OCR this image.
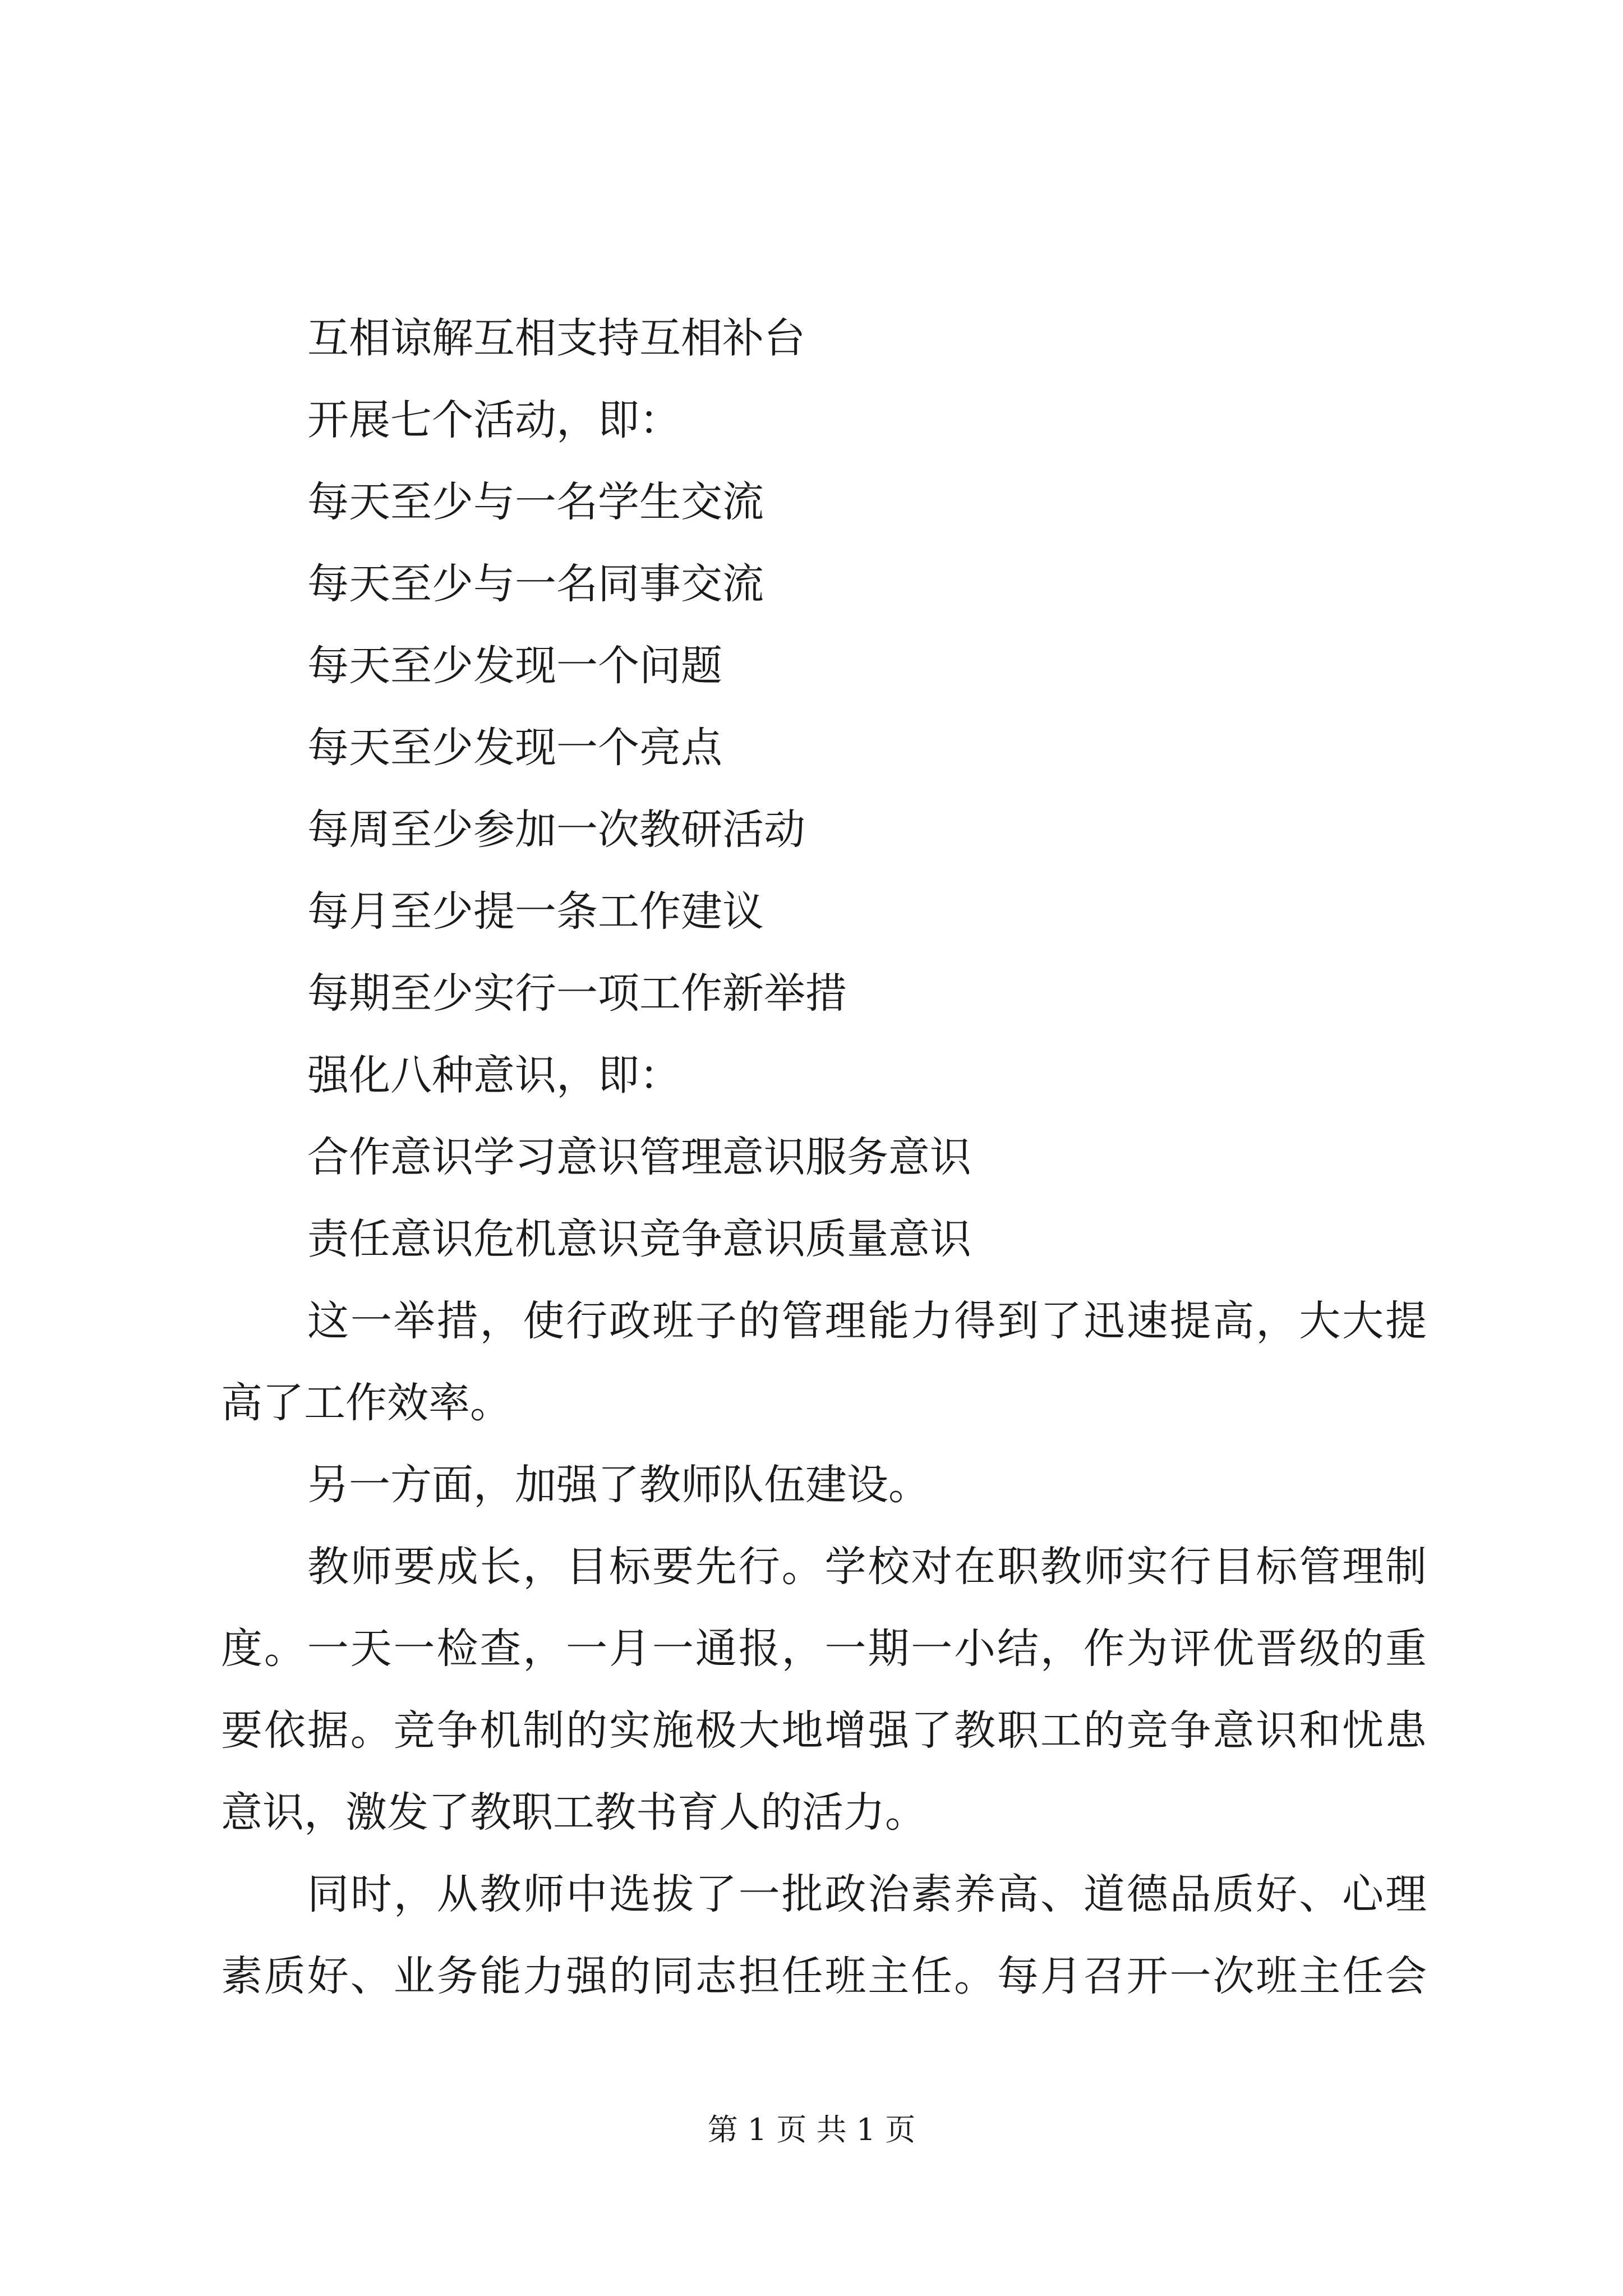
互相谅解互相支持互相补台

开展七个活动，即：

每天至少与一名学生交流

每天至少与一名同事交流

每天至少发现一个问题

每天至少发现一个亮点

每周至少参加一次教研活动

每月至少提一条工作建议

每期至少实行一项工作新举措

强化八种意识，即：

合作意识学习意识管理意识服务意识

责任意识危机意识竞争意识质量意识

这一举措，使行政班子的管理能力得到了迅速提高，大大提

高了工作效率。

另一方面，加强了教师队伍建设。

教师要成长，目标要先行。学校对在职教师实行目标管理制

度。一天一检查，一月一通报，一期一小结，作为评优晋级的重

要依据。竞争机制的实施极大地增强了教职工的竞争意识和忧患

意识，激发了教职工教书育人的活力。

同时，从教师中选拔了一批政治素养高、道德品质好、心理

素质好、业务能力强的同志担任班主任。每月召开一次班主任会

第 1 页 共 1 页
